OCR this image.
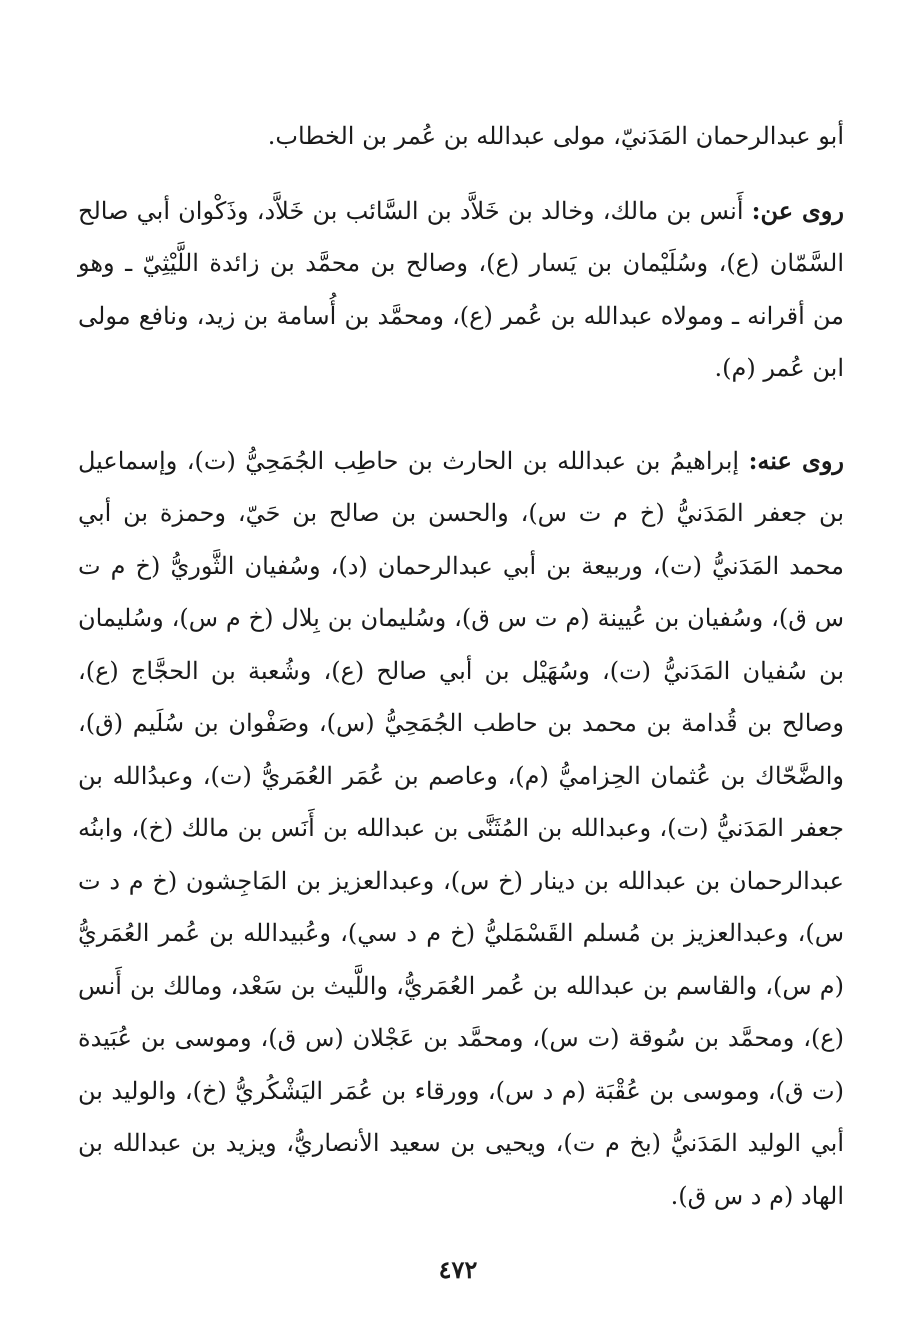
أبو عبدالرحمان المَدَنيّ، مولى عبدالله بن عُمر بن الخطاب.

روى عن: أَنس بن مالك، وخالد بن خَلاَّد بن السَّائب بن خَلاَّد، وذَكْوان أبي صالح السَّمّان (ع)، وسُلَيْمان بن يَسار (ع)، وصالح بن محمَّد بن زائدة اللَّيْثِيّ ـ وهو من أقرانه ـ ومولاه عبدالله بن عُمر (ع)، ومحمَّد بن أُسامة بن زيد، ونافع مولى ابن عُمر (م).

روى عنه: إبراهيمُ بن عبدالله بن الحارث بن حاطِب الجُمَحِيُّ (ت)، وإسماعيل بن جعفر المَدَنيُّ (خ م ت س)، والحسن بن صالح بن حَيّ، وحمزة بن أبي محمد المَدَنيُّ (ت)، وربيعة بن أبي عبدالرحمان (د)، وسُفيان الثَّوريُّ (خ م ت س ق)، وسُفيان بن عُيينة (م ت س ق)، وسُليمان بن بِلال (خ م س)، وسُليمان بن سُفيان المَدَنيُّ (ت)، وسُهَيْل بن أبي صالح (ع)، وشُعبة بن الحجَّاج (ع)، وصالح بن قُدامة بن محمد بن حاطب الجُمَحِيُّ (س)، وصَفْوان بن سُلَيم (ق)، والضَّحّاك بن عُثمان الحِزاميُّ (م)، وعاصم بن عُمَر العُمَريُّ (ت)، وعبدُالله بن جعفر المَدَنيُّ (ت)، وعبدالله بن المُثَنَّى بن عبدالله بن أَنَس بن مالك (خ)، وابنُه عبدالرحمان بن عبدالله بن دينار (خ س)، وعبدالعزيز بن المَاجِشون (خ م د ت س)، وعبدالعزيز بن مُسلم القَسْمَليُّ (خ م د سي)، وعُبيدالله بن عُمر العُمَريُّ (م س)، والقاسم بن عبدالله بن عُمر العُمَريُّ، واللَّيث بن سَعْد، ومالك بن أَنس (ع)، ومحمَّد بن سُوقة (ت س)، ومحمَّد بن عَجْلان (س ق)، وموسى بن عُبَيدة (ت ق)، وموسى بن عُقْبَة (م د س)، وورقاء بن عُمَر اليَشْكُريُّ (خ)، والوليد بن أبي الوليد المَدَنيُّ (بخ م ت)، ويحيى بن سعيد الأنصاريُّ، ويزيد بن عبدالله بن الهاد (م د س ق).

٤٧٢
